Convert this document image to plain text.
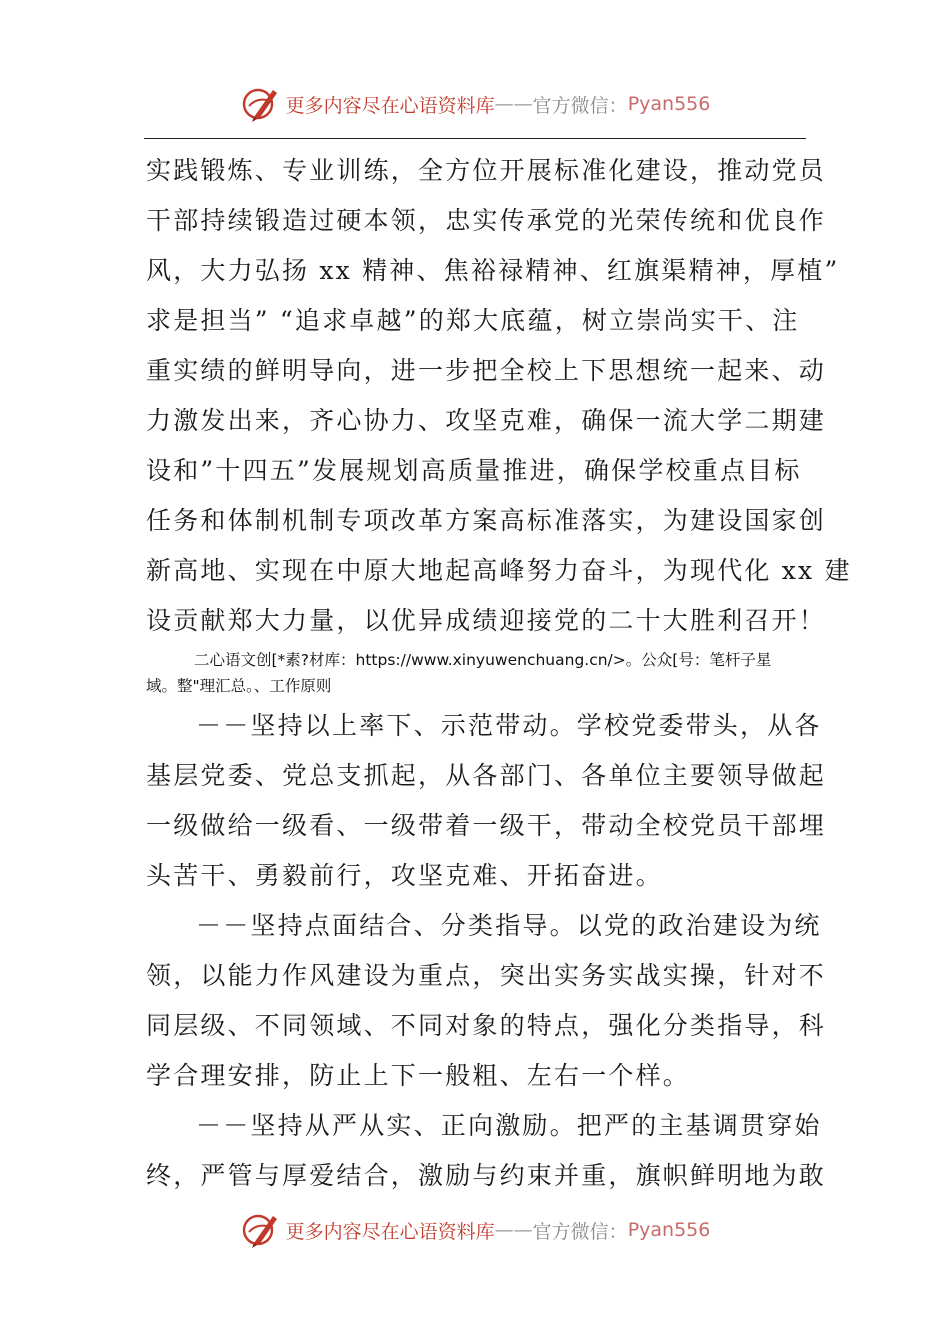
更多内容尽在心语资料库 —— 官方微信： Pyan556
实践锻炼、专业训练，全方位开展标准化建设，推动党员
干部持续锻造过硬本领，忠实传承党的光荣传统和优良作
风，大力弘扬 xx 精神、焦裕禄精神、红旗渠精神，厚植”
求是担当” “追求卓越”的郑大底蕴，树立崇尚实干、注
重实绩的鲜明导向，进一步把全校上下思想统一起来、动
力激发出来，齐心协力、攻坚克难，确保一流大学二期建
设和”十四五”发展规划高质量推进，确保学校重点目标
任务和体制机制专项改革方案高标准落实，为建设国家创
新高地、实现在中原大地起高峰努力奋斗，为现代化 xx 建
设贡献郑大力量，以优异成绩迎接党的二十大胜利召开！
二心语文创[*素?材库：https://www.xinyuwenchuang.cn/>。公众[号：笔杆子星
域。整"理汇总。、工作原则
－－坚持以上率下、示范带动。学校党委带头，从各
基层党委、党总支抓起，从各部门、各单位主要领导做起
一级做给一级看、一级带着一级干，带动全校党员干部埋
头苦干、勇毅前行，攻坚克难、开拓奋进。
－－坚持点面结合、分类指导。以党的政治建设为统
领，以能力作风建设为重点，突出实务实战实操，针对不
同层级、不同领域、不同对象的特点，强化分类指导，科
学合理安排，防止上下一般粗、左右一个样。
－－坚持从严从实、正向激励。把严的主基调贯穿始
终，严管与厚爱结合，激励与约束并重，旗帜鲜明地为敢
更多内容尽在心语资料库 —— 官方微信： Pyan556
